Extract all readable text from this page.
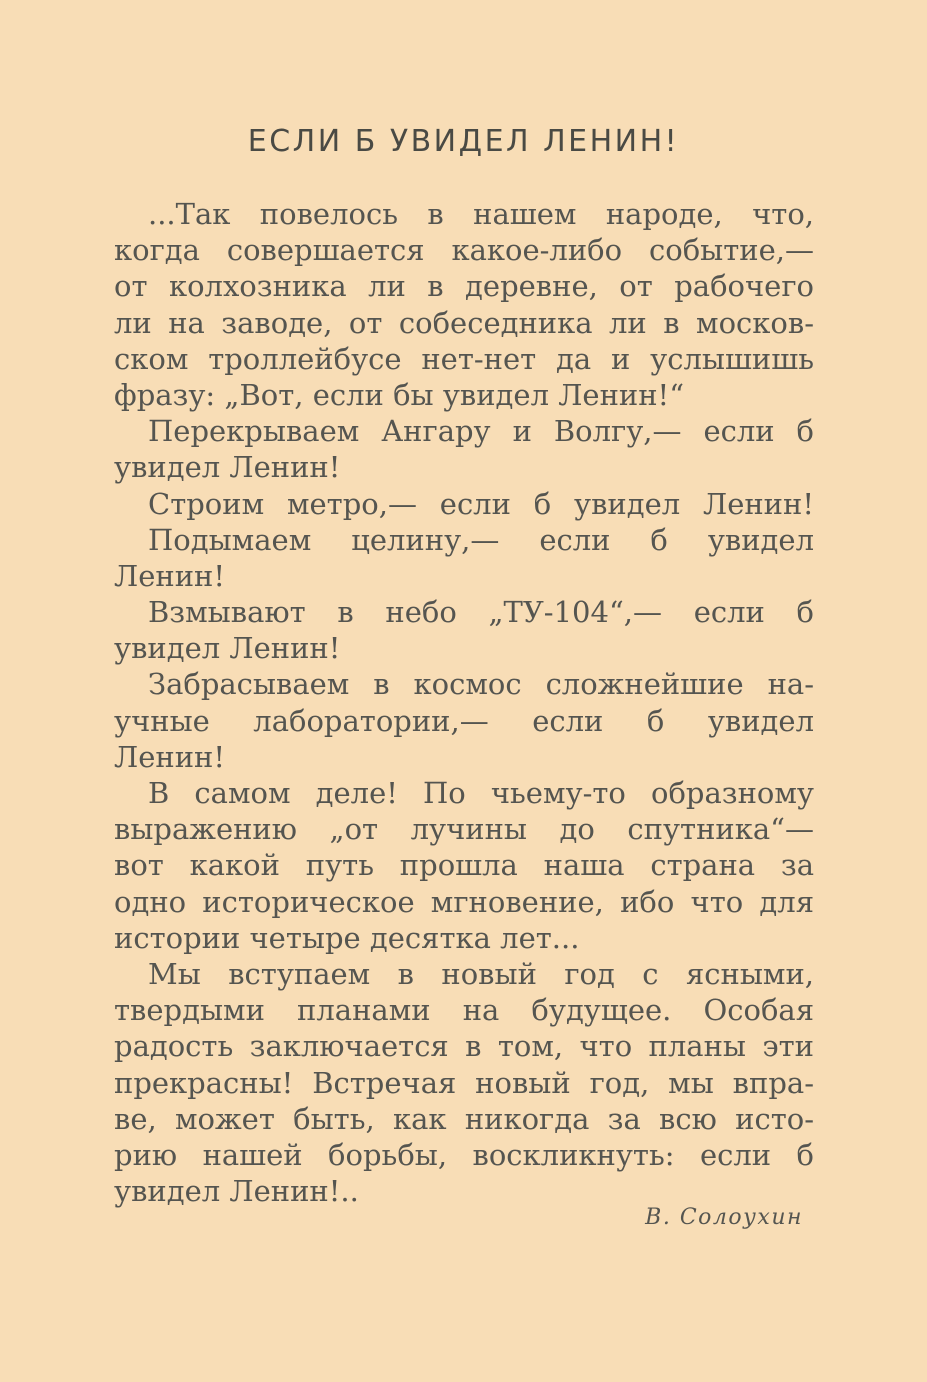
ЕСЛИ Б УВИДЕЛ ЛЕНИН!
...Так повелось в нашем народе, что,
когда совершается какое-либо событие,—
от колхозника ли в деревне, от рабочего
ли на заводе, от собеседника ли в москов-
ском троллейбусе нет-нет да и услышишь
фразу: „Вот, если бы увидел Ленин!“
Перекрываем Ангару и Волгу,— если б
увидел Ленин!
Строим метро,— если б увидел Ленин!
Подымаем целину,— если б увидел
Ленин!
Взмывают в небо „ТУ-104“,— если б
увидел Ленин!
Забрасываем в космос сложнейшие на-
учные лаборатории,— если б увидел
Ленин!
В самом деле! По чьему-то образному
выражению „от лучины до спутника“—
вот какой путь прошла наша страна за
одно историческое мгновение, ибо что для
истории четыре десятка лет...
Мы вступаем в новый год с ясными,
твердыми планами на будущее. Особая
радость заключается в том, что планы эти
прекрасны! Встречая новый год, мы впра-
ве, может быть, как никогда за всю исто-
рию нашей борьбы, воскликнуть: если б
увидел Ленин!..
В. Солоухин
